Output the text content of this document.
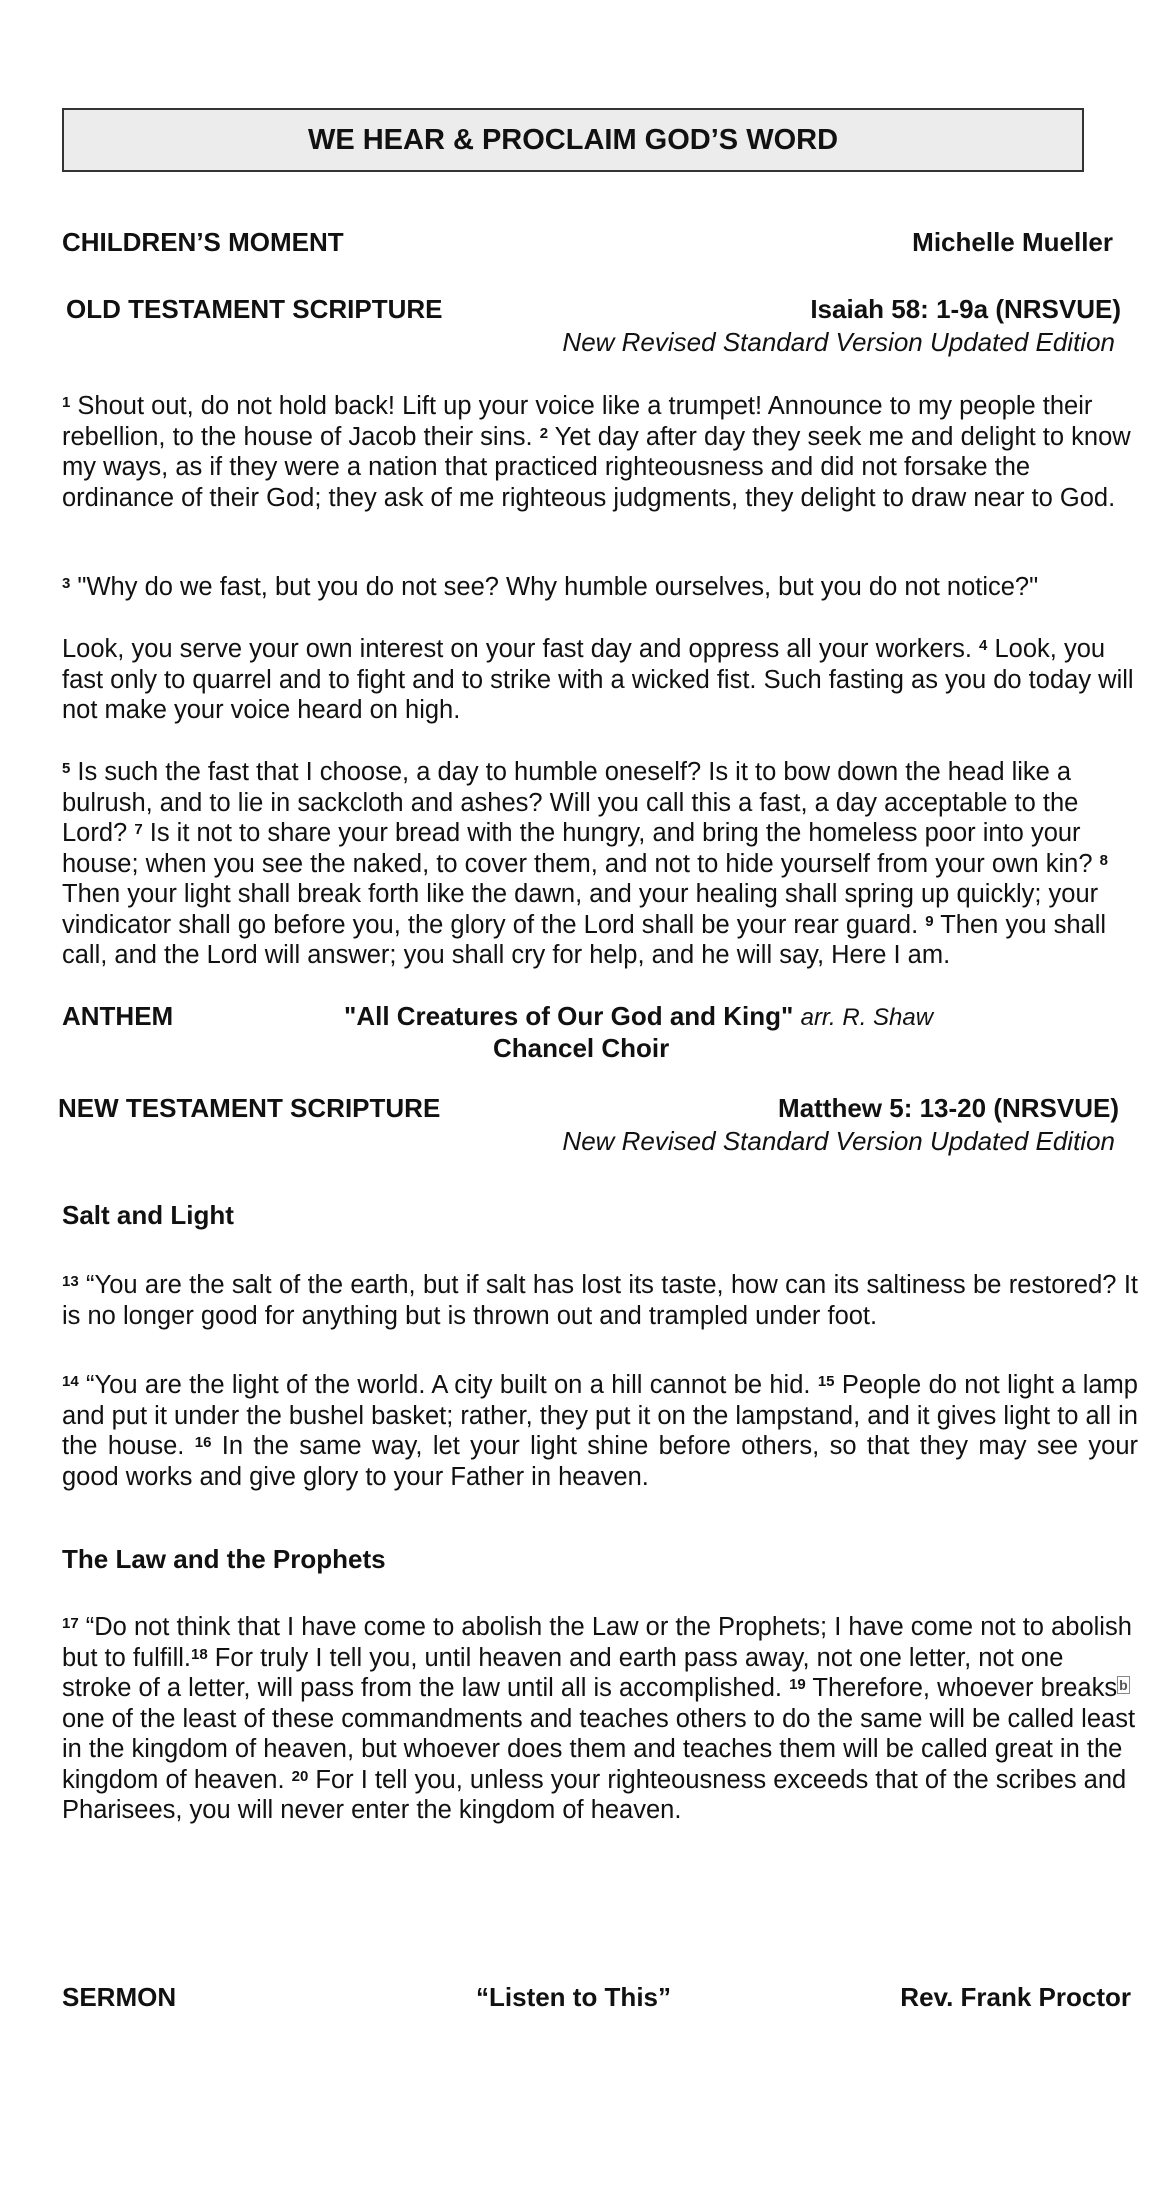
WE HEAR & PROCLAIM GOD’S WORD
CHILDREN’S MOMENT	Michelle Mueller
OLD TESTAMENT SCRIPTURE	Isaiah 58: 1-9a (NRSVUE)
New Revised Standard Version Updated Edition
$^1$ Shout out, do not hold back! Lift up your voice like a trumpet! Announce to my people their rebellion, to the house of Jacob their sins. $^2$ Yet day after day they seek me and delight to know my ways, as if they were a nation that practiced righteousness and did not forsake the ordinance of their God; they ask of me righteous judgments, they delight to draw near to God.
$^3$ "Why do we fast, but you do not see? Why humble ourselves, but you do not notice?"
Look, you serve your own interest on your fast day and oppress all your workers. $^4$ Look, you fast only to quarrel and to fight and to strike with a wicked fist. Such fasting as you do today will not make your voice heard on high.
$^5$ Is such the fast that I choose, a day to humble oneself? Is it to bow down the head like a bulrush, and to lie in sackcloth and ashes? Will you call this a fast, a day acceptable to the Lord? $^7$ Is it not to share your bread with the hungry, and bring the homeless poor into your house; when you see the naked, to cover them, and not to hide yourself from your own kin? $^8$ Then your light shall break forth like the dawn, and your healing shall spring up quickly; your vindicator shall go before you, the glory of the Lord shall be your rear guard. $^9$ Then you shall call, and the Lord will answer; you shall cry for help, and he will say, Here I am.
ANTHEM	"All Creatures of Our God and King" arr. R. Shaw
Chancel Choir
NEW TESTAMENT SCRIPTURE	Matthew 5: 13-20 (NRSVUE)
New Revised Standard Version Updated Edition
Salt and Light
$^{13}$ “You are the salt of the earth, but if salt has lost its taste, how can its saltiness be restored? It is no longer good for anything but is thrown out and trampled under foot.
$^{14}$ “You are the light of the world. A city built on a hill cannot be hid. $^{15}$ People do not light a lamp and put it under the bushel basket; rather, they put it on the lampstand, and it gives light to all in the house. $^{16}$ In the same way, let your light shine before others, so that they may see your good works and give glory to your Father in heaven.
The Law and the Prophets
$^{17}$ “Do not think that I have come to abolish the Law or the Prophets; I have come not to abolish but to fulfill.$^{18}$ For truly I tell you, until heaven and earth pass away, not one letter, not one stroke of a letter, will pass from the law until all is accomplished. $^{19}$ Therefore, whoever breaks $^b$ one of the least of these commandments and teaches others to do the same will be called least in the kingdom of heaven, but whoever does them and teaches them will be called great in the kingdom of heaven. $^{20}$ For I tell you, unless your righteousness exceeds that of the scribes and Pharisees, you will never enter the kingdom of heaven.
SERMON	“Listen to This”	Rev. Frank Proctor
